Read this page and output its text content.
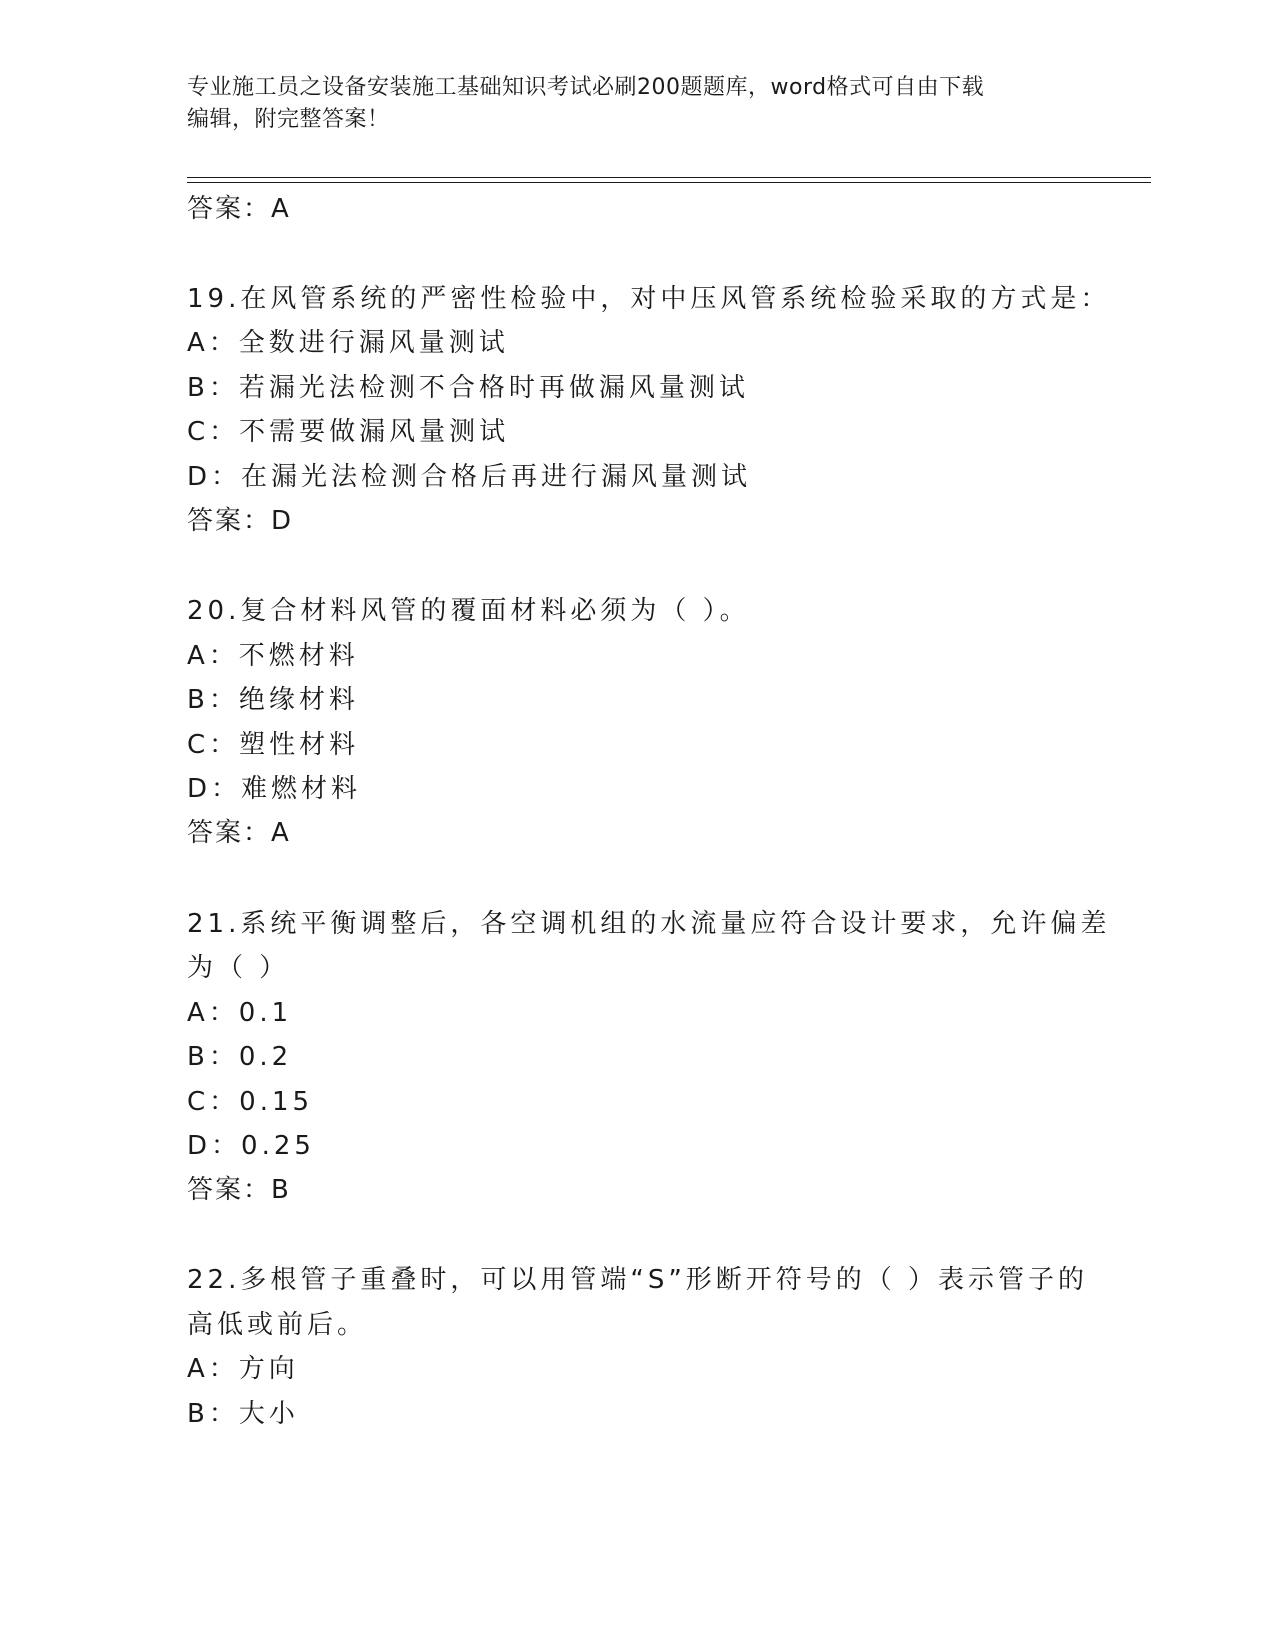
专业施工员之设备安装施工基础知识考试必刷200题题库，word格式可自由下载
编辑，附完整答案！
答案：A
19.在风管系统的严密性检验中，对中压风管系统检验采取的方式是：
A：全数进行漏风量测试
B：若漏光法检测不合格时再做漏风量测试
C：不需要做漏风量测试
D：在漏光法检测合格后再进行漏风量测试
答案：D
20.复合材料风管的覆面材料必须为（ ）。
A：不燃材料
B：绝缘材料
C：塑性材料
D：难燃材料
答案：A
21.系统平衡调整后，各空调机组的水流量应符合设计要求，允许偏差
为（ ）
A：0.1
B：0.2
C：0.15
D：0.25
答案：B
22.多根管子重叠时，可以用管端“S”形断开符号的（ ）表示管子的
高低或前后。
A：方向
B：大小
